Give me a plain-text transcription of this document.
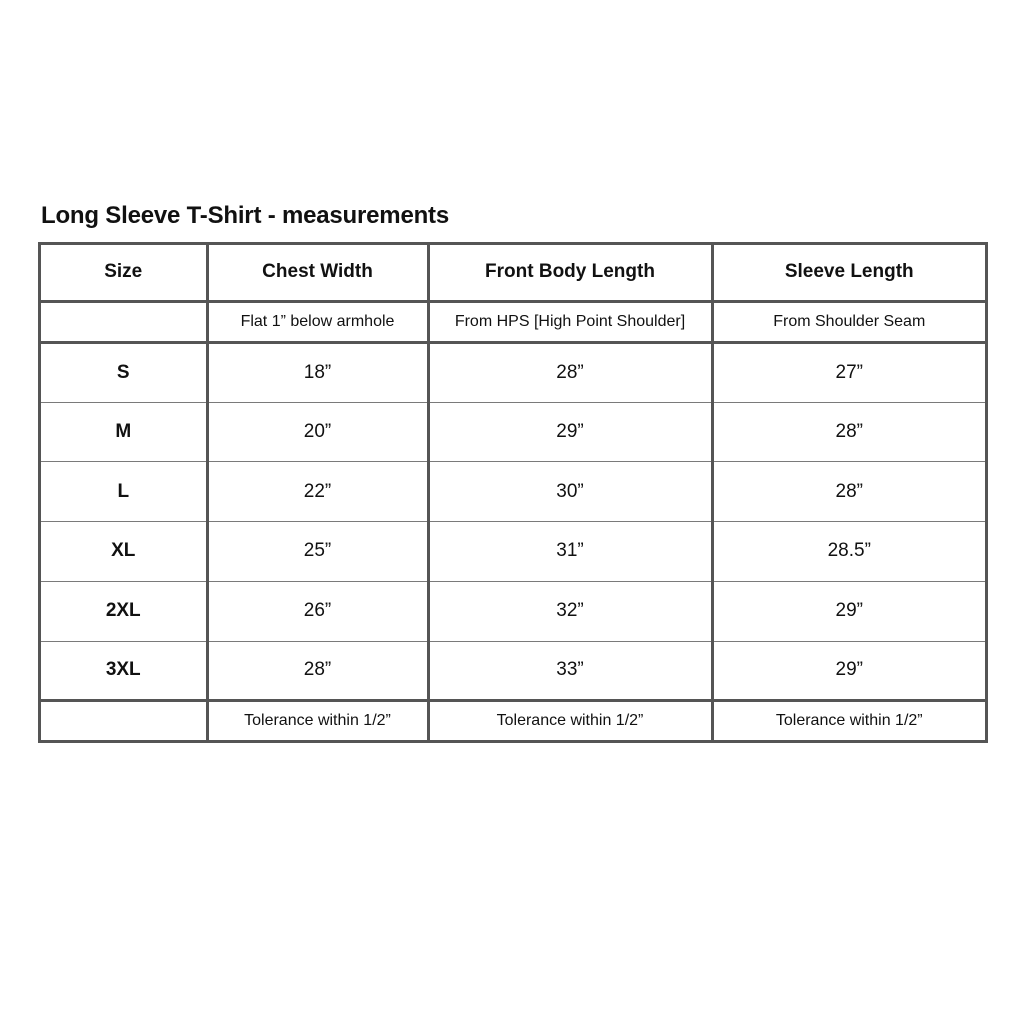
Long Sleeve T-Shirt - measurements
Size	Chest Width	Front Body Length	Sleeve Length
	Flat 1” below armhole	From HPS [High Point Shoulder]	From Shoulder Seam
S	18”	28”	27”
M	20”	29”	28”
L	22”	30”	28”
XL	25”	31”	28.5”
2XL	26”	32”	29”
3XL	28”	33”	29”
	Tolerance within 1/2”	Tolerance within 1/2”	Tolerance within 1/2”
